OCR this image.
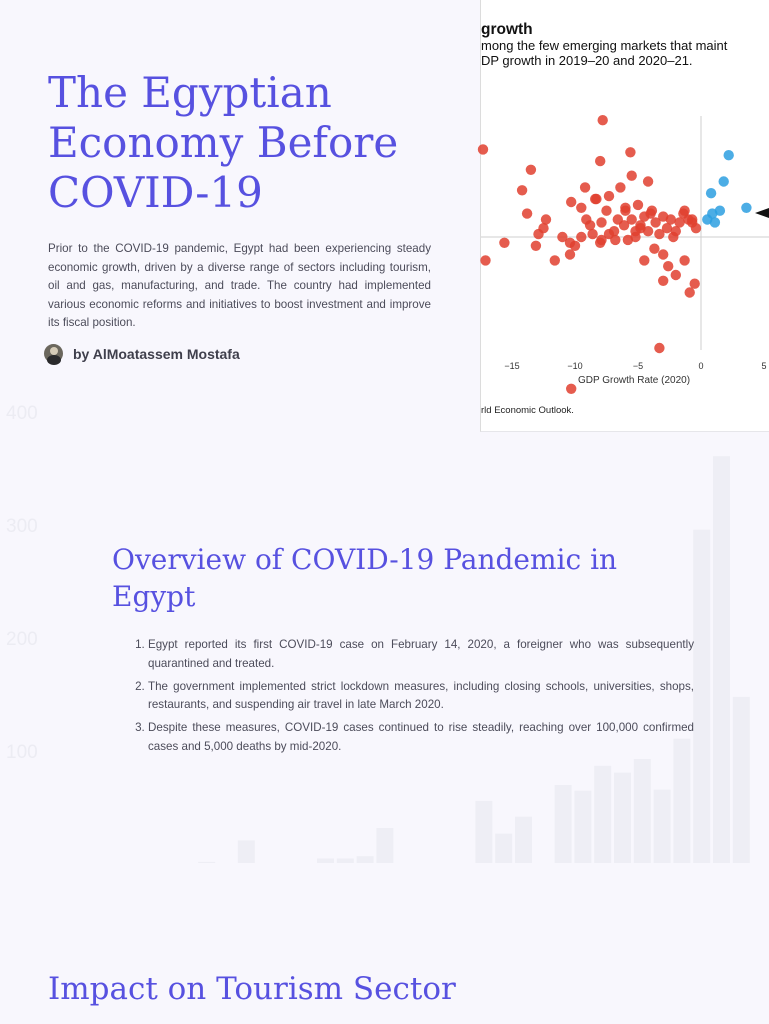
100
200
300
400
The Egyptian Economy Before COVID-19

Prior to the COVID-19 pandemic, Egypt had been experiencing steady economic growth, driven by a diverse range of sectors including tourism, oil and gas, manufacturing, and trade. The country had implemented various economic reforms and initiatives to boost investment and improve its fiscal position.

by AlMoatassem Mostafa
growth
mong the few emerging markets that maint
DP growth in 2019–20 and 2020–21.
−15	−10	−5	0	5
GDP Growth Rate (2020)
rld Economic Outlook.
Overview of COVID-19 Pandemic in Egypt
1. Egypt reported its first COVID-19 case on February 14, 2020, a foreigner who was subsequently quarantined and treated.
2. The government implemented strict lockdown measures, including closing schools, universities, shops, restaurants, and suspending air travel in late March 2020.
3. Despite these measures, COVID-19 cases continued to rise steadily, reaching over 100,000 confirmed cases and 5,000 deaths by mid-2020.
Impact on Tourism Sector
